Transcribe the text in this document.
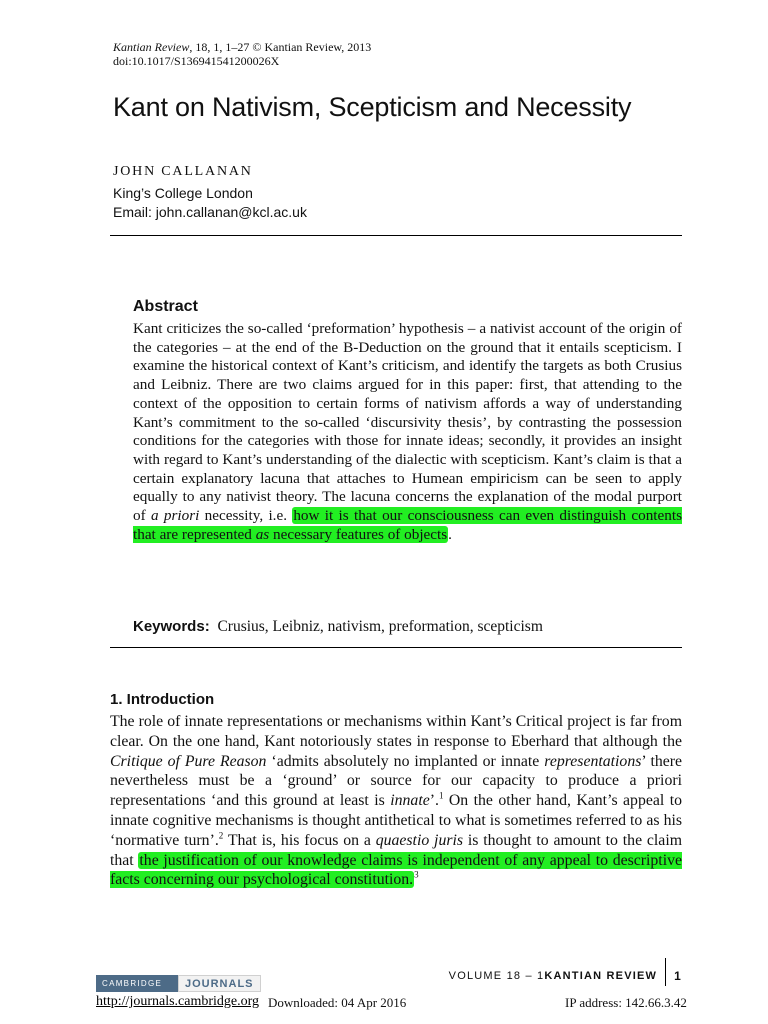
Kantian Review, 18, 1, 1–27 © Kantian Review, 2013
doi:10.1017/S136941541200026X
Kant on Nativism, Scepticism and Necessity
JOHN CALLANAN
King’s College London
Email: john.callanan@kcl.ac.uk
Abstract

Kant criticizes the so-called ‘preformation’ hypothesis – a nativist account of the origin of the categories – at the end of the B-Deduction on the ground that it entails scepticism. I examine the historical context of Kant’s criticism, and identify the targets as both Crusius and Leibniz. There are two claims argued for in this paper: first, that attending to the context of the opposition to certain forms of nativism affords a way of understanding Kant’s commitment to the so-called ‘discursivity thesis’, by contrasting the possession conditions for the categories with those for innate ideas; secondly, it provides an insight with regard to Kant’s understanding of the dialectic with scepticism. Kant’s claim is that a certain explanatory lacuna that attaches to Humean empiricism can be seen to apply equally to any nativist theory. The lacuna concerns the explanation of the modal purport of a priori necessity, i.e. how it is that our consciousness can even distinguish contents that are represented as necessary features of objects.

Keywords: Crusius, Leibniz, nativism, preformation, scepticism
1. Introduction

The role of innate representations or mechanisms within Kant’s Critical project is far from clear. On the one hand, Kant notoriously states in response to Eberhard that although the Critique of Pure Reason ‘admits absolutely no implanted or innate representations’ there nevertheless must be a ‘ground’ or source for our capacity to produce a priori representations ‘and this ground at least is innate’.$^1$ On the other hand, Kant’s appeal to innate cognitive mechanisms is thought antithetical to what is sometimes referred to as his ‘normative turn’.$^2$ That is, his focus on a quaestio juris is thought to amount to the claim that the justification of our knowledge claims is independent of any appeal to descriptive facts concerning our psychological constitution.$^3$

VOLUME 18 – 1 KANTIAN REVIEW 1
CAMBRIDGE	JOURNALS
http://journals.cambridge.org Downloaded: 04 Apr 2016	IP address: 142.66.3.42
